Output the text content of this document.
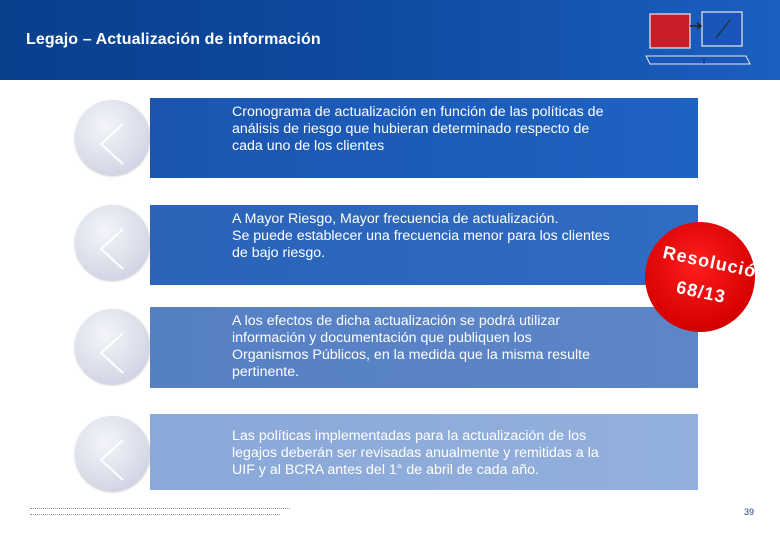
Legajo – Actualización de información
Cronograma de actualización en función de las políticas de
análisis de riesgo que hubieran determinado respecto de
cada uno de los clientes
A Mayor Riesgo, Mayor frecuencia de actualización.
Se puede establecer una frecuencia menor para los clientes
de bajo riesgo.
A los efectos de dicha actualización se podrá utilizar
información y documentación que publiquen los
Organismos Públicos, en la medida que la misma resulte
pertinente.
Las políticas implementadas para la actualización de los
legajos deberán ser revisadas anualmente y remitidas a la
UIF y al BCRA antes del 1° de abril de cada año.
Resolución
68/13
39
